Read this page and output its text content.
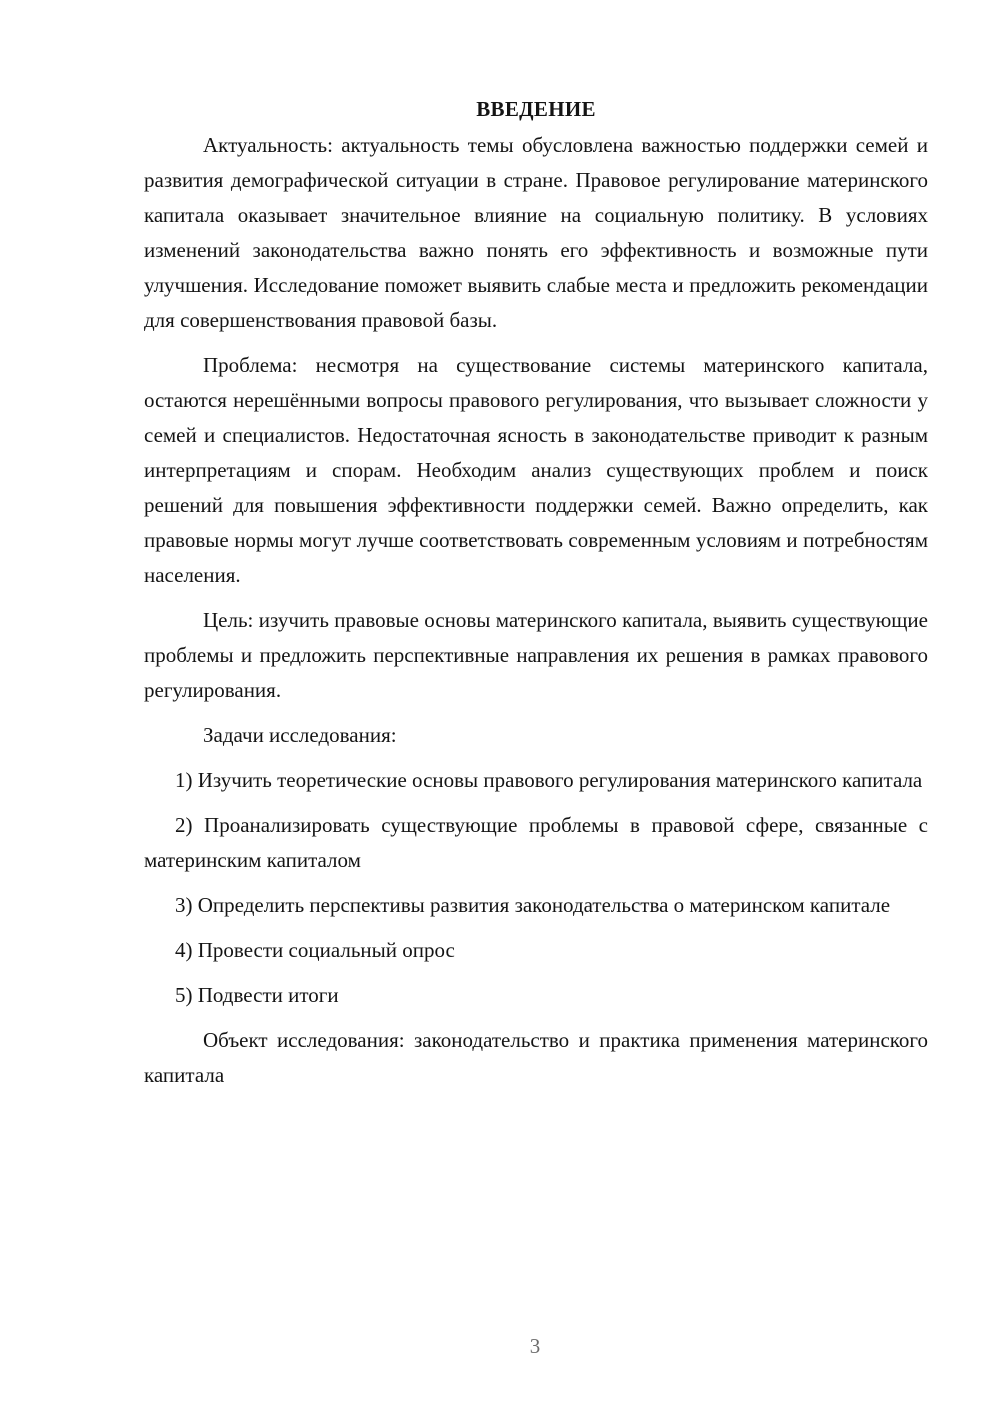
ВВЕДЕНИЕ

Актуальность: актуальность темы обусловлена важностью поддержки семей и развития демографической ситуации в стране. Правовое регулирование материнского капитала оказывает значительное влияние на социальную политику. В условиях изменений законодательства важно понять его эффективность и возможные пути улучшения. Исследование поможет выявить слабые места и предложить рекомендации для совершенствования правовой базы.

Проблема: несмотря на существование системы материнского капитала, остаются нерешёнными вопросы правового регулирования, что вызывает сложности у семей и специалистов. Недостаточная ясность в законодательстве приводит к разным интерпретациям и спорам. Необходим анализ существующих проблем и поиск решений для повышения эффективности поддержки семей. Важно определить, как правовые нормы могут лучше соответствовать современным условиям и потребностям населения.

Цель: изучить правовые основы материнского капитала, выявить существующие проблемы и предложить перспективные направления их решения в рамках правового регулирования.

Задачи исследования:

1) Изучить теоретические основы правового регулирования материнского капитала

2) Проанализировать существующие проблемы в правовой сфере, связанные с материнским капиталом

3) Определить перспективы развития законодательства о материнском капитале

4) Провести социальный опрос

5) Подвести итоги

Объект исследования: законодательство и практика применения материнского капитала

3
